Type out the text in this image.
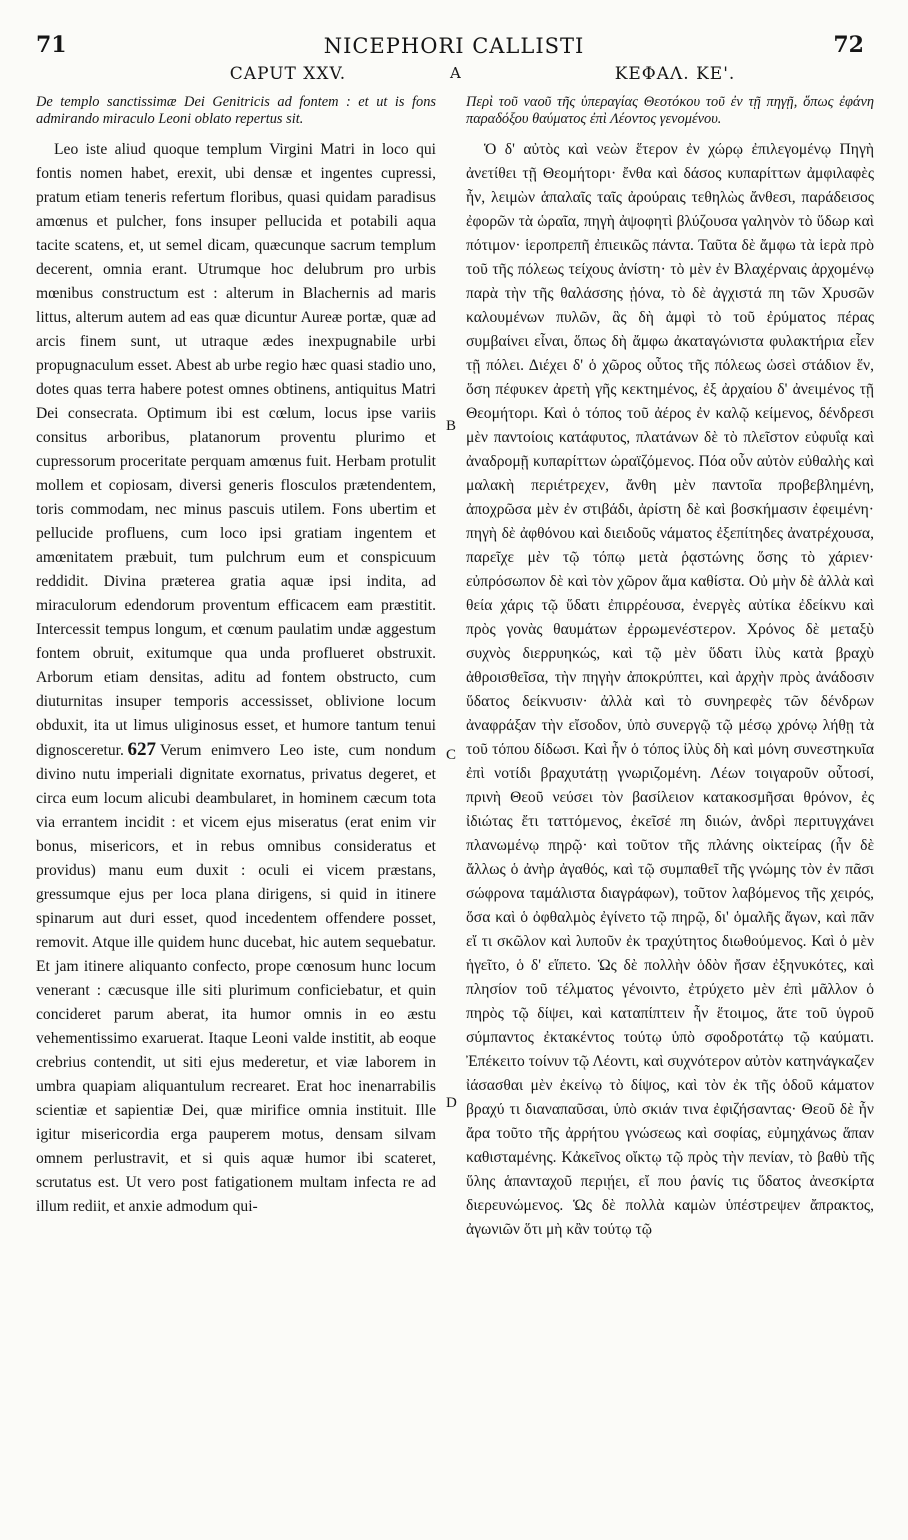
71	NICEPHORI CALLISTI	72
CAPUT XXV.	A	ΚΕΦΑΛ. ΚΕ'.

De templo sanctissimæ Dei Genitricis ad fontem : et ut is fons admirando miraculo Leoni oblato repertus sit.

Leo iste aliud quoque templum Virgini Matri in loco qui fontis nomen habet, erexit, ubi densæ et ingentes cupressi, pratum etiam teneris refertum floribus, quasi quidam paradisus amœnus et pulcher, fons insuper pellucida et potabili aqua tacite scatens, et, ut semel dicam, quæcunque sacrum templum decerent, omnia erant. Utrumque hoc delubrum pro urbis mœnibus constructum est : alterum in Blachernis ad maris littus, alterum autem ad eas quæ dicuntur Aureæ portæ, quæ ad arcis finem sunt, ut utraque ædes inexpugnabile urbi propugnaculum esset. Abest ab urbe regio hæc quasi stadio uno, dotes quas terra habere potest omnes obtinens, antiquitus Matri Dei consecrata. Optimum ibi est cœlum, locus ipse variis consitus arboribus, platanorum proventu plurimo et cupressorum proceritate perquam amœnus fuit. Herbam protulit mollem et copiosam, diversi generis flosculos prætendentem, toris commodam, nec minus pascuis utilem. Fons ubertim et pellucide profluens, cum loco ipsi gratiam ingentem et amœnitatem præbuit, tum pulchrum eum et conspicuum reddidit. Divina præterea gratia aquæ ipsi indita, ad miraculorum edendorum proventum efficacem eam præstitit. Intercessit tempus longum, et cœnum paulatim undæ aggestum fontem obruit, exitumque qua unda proflueret obstruxit. Arborum etiam densitas, aditu ad fontem obstructo, cum diuturnitas insuper temporis accessisset, oblivione locum obduxit, ita ut limus uliginosus esset, et humore tantum tenui dignosceretur. 627 Verum enimvero Leo iste, cum nondum divino nutu imperiali dignitate exornatus, privatus degeret, et circa eum locum alicubi deambularet, in hominem cæcum tota via errantem incidit : et vicem ejus miseratus (erat enim vir bonus, misericors, et in rebus omnibus consideratus et providus) manu eum duxit : oculi ei vicem præstans, gressumque ejus per loca plana dirigens, si quid in itinere spinarum aut duri esset, quod incedentem offendere posset, removit. Atque ille quidem hunc ducebat, hic autem sequebatur. Et jam itinere aliquanto confecto, prope cœnosum hunc locum venerant : cæcusque ille siti plurimum conficiebatur, et quin concideret parum aberat, ita humor omnis in eo æstu vehementissimo exaruerat. Itaque Leoni valde institit, ab eoque crebrius contendit, ut siti ejus mederetur, et viæ laborem in umbra quapiam aliquantulum recrearet. Erat hoc inenarrabilis scientiæ et sapientiæ Dei, quæ mirifice omnia instituit. Ille igitur misericordia erga pauperem motus, densam silvam omnem perlustravit, et si quis aquæ humor ibi scateret, scrutatus est. Ut vero post fatigationem multam infecta re ad illum rediit, et anxie admodum qui-

B
C
D

Περὶ τοῦ ναοῦ τῆς ὑπεραγίας Θεοτόκου τοῦ ἐν τῇ πηγῇ, ὅπως ἐφάνη παραδόξου θαύματος ἐπὶ Λέοντος γενομένου.

Ὁ δ' αὐτὸς καὶ νεὼν ἕτερον ἐν χώρῳ ἐπιλεγομένῳ Πηγὴ ἀνετίθει τῇ Θεομήτορι· ἔνθα καὶ δάσος κυπαρίττων ἀμφιλαφὲς ἦν, λειμὼν ἁπαλαῖς ταῖς ἀρούραις τεθηλὼς ἄνθεσι, παράδεισος ἐφορῶν τὰ ὡραῖα, πηγὴ ἀψοφητὶ βλύζουσα γαληνὸν τὸ ὕδωρ καὶ πότιμον· ἱεροπρεπῆ ἐπιεικῶς πάντα. Ταῦτα δὲ ἄμφω τὰ ἱερὰ πρὸ τοῦ τῆς πόλεως τείχους ἀνίστη· τὸ μὲν ἐν Βλαχέρναις ἀρχομένῳ παρὰ τὴν τῆς θαλάσσης ᾐόνα, τὸ δὲ ἀγχιστά πη τῶν Χρυσῶν καλουμένων πυλῶν, ἃς δὴ ἀμφὶ τὸ τοῦ ἐρύματος πέρας συμβαίνει εἶναι, ὅπως δὴ ἄμφω ἀκαταγώνιστα φυλακτήρια εἶεν τῇ πόλει. Διέχει δ' ὁ χῶρος οὗτος τῆς πόλεως ὡσεὶ στάδιον ἕν, ὅση πέφυκεν ἀρετὴ γῆς κεκτημένος, ἐξ ἀρχαίου δ' ἀνειμένος τῇ Θεομήτορι. Καὶ ὁ τόπος τοῦ ἀέρος ἐν καλῷ κείμενος, δένδρεσι μὲν παντοίοις κατάφυτος, πλατάνων δὲ τὸ πλεῖστον εὐφυΐᾳ καὶ ἀναδρομῇ κυπαρίττων ὡραϊζόμενος. Πόα οὖν αὐτὸν εὐθαλὴς καὶ μαλακὴ περιέτρεχεν, ἄνθη μὲν παντοῖα προβεβλημένη, ἀποχρῶσα μὲν ἐν στιβάδι, ἀρίστη δὲ καὶ βοσκήμασιν ἐφειμένη· πηγὴ δὲ ἀφθόνου καὶ διειδοῦς νάματος ἐξεπίτηδες ἀνατρέχουσα, παρεῖχε μὲν τῷ τόπῳ μετὰ ῥᾳστώνης ὅσης τὸ χάριεν· εὐπρόσωπον δὲ καὶ τὸν χῶρον ἅμα καθίστα. Οὐ μὴν δὲ ἀλλὰ καὶ θεία χάρις τῷ ὕδατι ἐπιρρέουσα, ἐνεργὲς αὐτίκα ἐδείκνυ καὶ πρὸς γονὰς θαυμάτων ἐρρωμενέστερον. Χρόνος δὲ μεταξὺ συχνὸς διερρυηκώς, καὶ τῷ μὲν ὕδατι ἰλὺς κατὰ βραχὺ ἀθροισθεῖσα, τὴν πηγὴν ἀποκρύπτει, καὶ ἀρχὴν πρὸς ἀνάδοσιν ὕδατος δείκνυσιν· ἀλλὰ καὶ τὸ συνηρεφὲς τῶν δένδρων ἀναφράξαν τὴν εἴσοδον, ὑπὸ συνεργῷ τῷ μέσῳ χρόνῳ λήθῃ τὰ τοῦ τόπου δίδωσι. Καὶ ἦν ὁ τόπος ἰλὺς δὴ καὶ μόνη συνεστηκυῖα ἐπὶ νοτίδι βραχυτάτῃ γνωριζομένη. Λέων τοιγαροῦν οὗτοσί, πρινὴ Θεοῦ νεύσει τὸν βασίλειον κατακοσμῆσαι θρόνον, ἐς ἰδιώτας ἔτι ταττόμενος, ἐκεῖσέ πη διιών, ἀνδρὶ περιτυγχάνει πλανωμένῳ πηρῷ· καὶ τοῦτον τῆς πλάνης οἰκτείρας (ἦν δὲ ἄλλως ὁ ἀνὴρ ἀγαθός, καὶ τῷ συμπαθεῖ τῆς γνώμης τὸν ἐν πᾶσι σώφρονα ταμάλιστα διαγράφων), τοῦτον λαβόμενος τῆς χειρός, ὅσα καὶ ὁ ὀφθαλμὸς ἐγίνετο τῷ πηρῷ, δι' ὁμαλῆς ἄγων, καὶ πᾶν εἴ τι σκῶλον καὶ λυποῦν ἐκ τραχύτητος διωθούμενος. Καὶ ὁ μὲν ἡγεῖτο, ὁ δ' εἵπετο. Ὡς δὲ πολλὴν ὁδὸν ἤσαν ἐξηνυκότες, καὶ πλησίον τοῦ τέλματος γένοιντο, ἐτρύχετο μὲν ἐπὶ μᾶλλον ὁ πηρὸς τῷ δίψει, καὶ καταπίπτειν ἦν ἕτοιμος, ἅτε τοῦ ὑγροῦ σύμπαντος ἐκτακέντος τούτῳ ὑπὸ σφοδροτάτῳ τῷ καύματι. Ἐπέκειτο τοίνυν τῷ Λέοντι, καὶ συχνότερον αὐτὸν κατηνάγκαζεν ἰάσασθαι μὲν ἐκείνῳ τὸ δίψος, καὶ τὸν ἐκ τῆς ὁδοῦ κάματον βραχύ τι διαναπαῦσαι, ὑπὸ σκιάν τινα ἐφιζήσαντας· Θεοῦ δὲ ἦν ἄρα τοῦτο τῆς ἀρρήτου γνώσεως καὶ σοφίας, εὐμηχάνως ἅπαν καθισταμένης. Κἀκεῖνος οἴκτῳ τῷ πρὸς τὴν πενίαν, τὸ βαθὺ τῆς ὕλης ἁπανταχοῦ περιῄει, εἴ που ῥανίς τις ὕδατος ἀνεσκίρτα διερευνώμενος. Ὡς δὲ πολλὰ καμὼν ὑπέστρεψεν ἄπρακτος, ἀγωνιῶν ὅτι μὴ κἂν τούτῳ τῷ
